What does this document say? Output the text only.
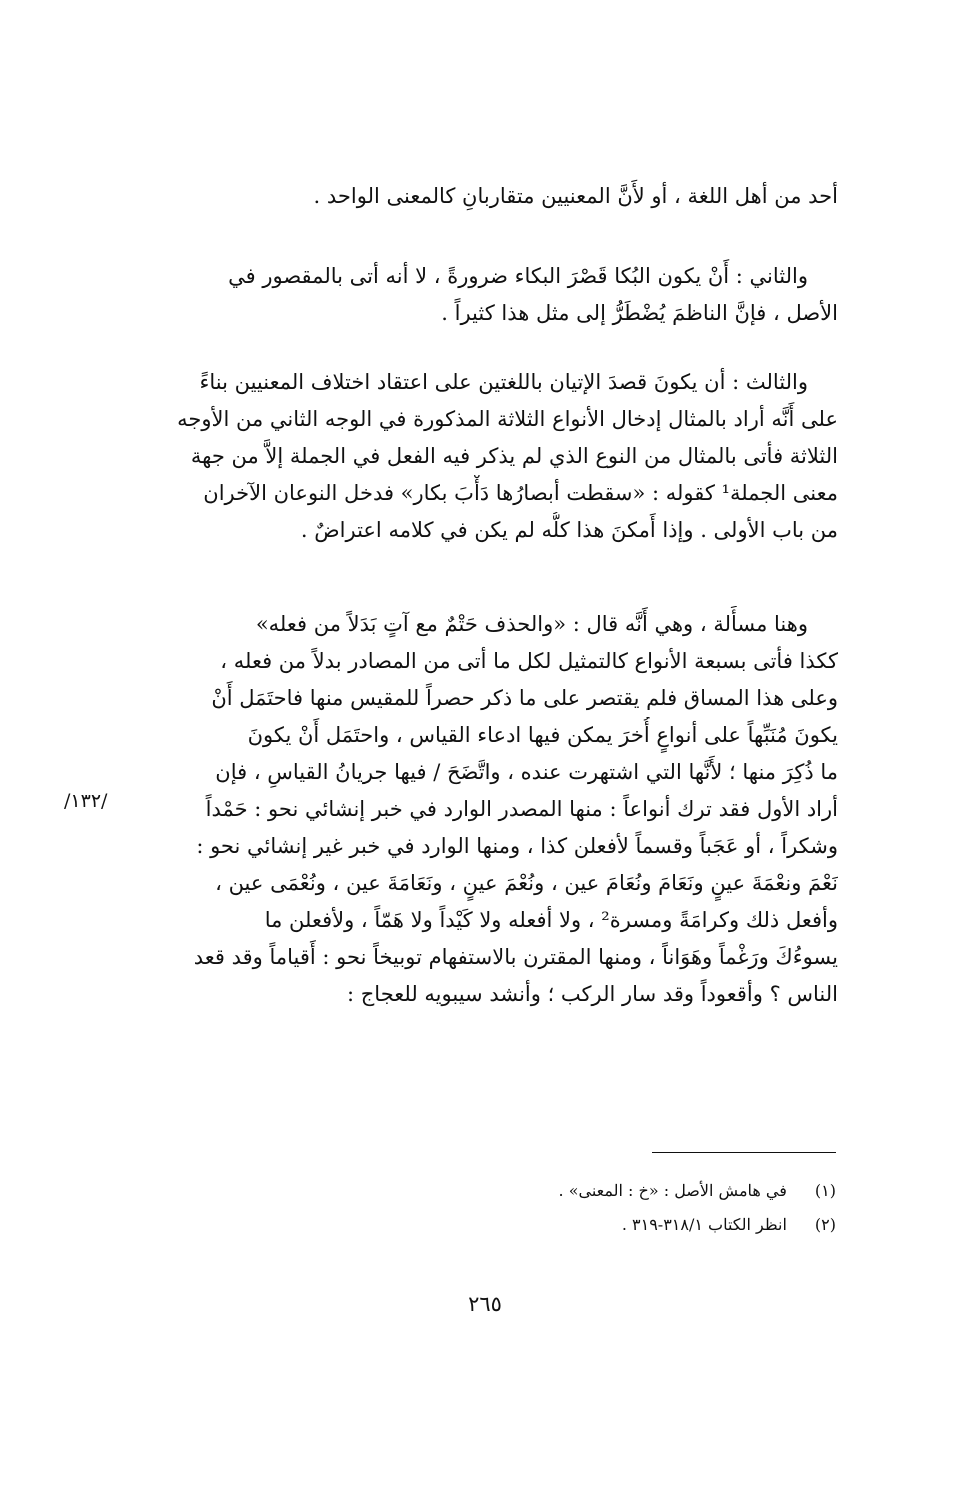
أحد من أهل اللغة ، أو لأَنَّ المعنيين متقاربانِ كالمعنى الواحد .
والثاني : أَنْ يكون البُكا قَصْرَ البكاء ضرورةً ، لا أنه أتى بالمقصور في
الأصل ، فإنَّ الناظمَ يُضْطَرُّ إلى مثل هذا كثيراً .
والثالث : أن يكونَ قصدَ الإتيان باللغتين على اعتقاد اختلاف المعنيين بناءً
على أَنَّه أراد بالمثال إدخال الأنواع الثلاثة المذكورة في الوجه الثاني من الأوجه
الثلاثة فأتى بالمثال من النوع الذي لم يذكر فيه الفعل في الجملة إلاَّ من جهة
معنى الجملة¹ كقوله : «سقطت أبصارُها دَأْبَ بكار» فدخل النوعان الآخران
من باب الأولى . وإذا أَمكنَ هذا كلُّه لم يكن في كلامه اعتراضٌ .
وهنا مسأَلة ، وهي أَنَّه قال : «والحذف حَتْمٌ مع آتٍ بَدَلاً من فعله»
ككذا فأتى بسبعة الأنواع كالتمثيل لكل ما أتى من المصادر بدلاً من فعله ،
وعلى هذا المساق فلم يقتصر على ما ذكر حصراً للمقيس منها فاحتَمَل أَنْ
يكونَ مُنَبِّهاً على أنواعٍ أُخرَ يمكن فيها ادعاء القياس ، واحتَمَل أَنْ يكونَ
ما ذُكِرَ منها ؛ لأَنَّها التي اشتهرت عنده ، واتَّضَحَ / فيها جريانُ القياسِ ، فإن
أراد الأول فقد ترك أنواعاً : منها المصدر الوارد في خبر إنشائي نحو : حَمْداً
وشكراً ، أو عَجَباً وقسماً لأفعلن كذا ، ومنها الوارد في خبر غير إنشائي نحو :
نَعْمَ ونعْمَةَ عينٍ ونَعَامَ ونُعَامَ عين ، ونُعْمَ عينٍ ، ونَعَامَةَ عين ، ونُعْمَى عين ،
وأفعل ذلك وكرامَةً ومسرة² ، ولا أفعله ولا كَيْداً ولا هَمّاً ، ولأفعلن ما
يسوءُكَ ورَغْماً وهَوَاناً ، ومنها المقترن بالاستفهام توبيخاً نحو : أَقياماً وقد قعد
الناس ؟ وأقعوداً وقد سار الركب ؛ وأنشد سيبويه للعجاج :
/١٣٢/
(١) في هامش الأصل : «خ : المعنى» .
(٢) انظر الكتاب ٣١٨/١-٣١٩ .
٢٦٥
